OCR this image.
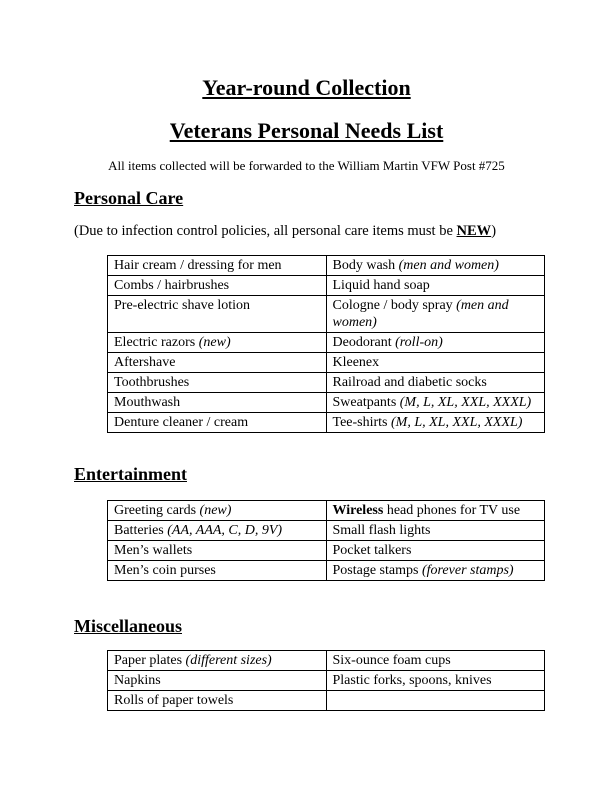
Year-round Collection
Veterans Personal Needs List

All items collected will be forwarded to the William Martin VFW Post #725

Personal Care

(Due to infection control policies, all personal care items must be NEW)

Hair cream / dressing for men	Body wash (men and women)
Combs / hairbrushes	Liquid hand soap
Pre-electric shave lotion	Cologne / body spray (men and women)
Electric razors (new)	Deodorant (roll-on)
Aftershave	Kleenex
Toothbrushes	Railroad and diabetic socks
Mouthwash	Sweatpants (M, L, XL, XXL, XXXL)
Denture cleaner / cream	Tee-shirts (M, L, XL, XXL, XXXL)
Entertainment
Greeting cards (new)	Wireless head phones for TV use
Batteries (AA, AAA, C, D, 9V)	Small flash lights
Men’s wallets	Pocket talkers
Men’s coin purses	Postage stamps (forever stamps)
Miscellaneous
Paper plates (different sizes)	Six-ounce foam cups
Napkins	Plastic forks, spoons, knives
Rolls of paper towels	
